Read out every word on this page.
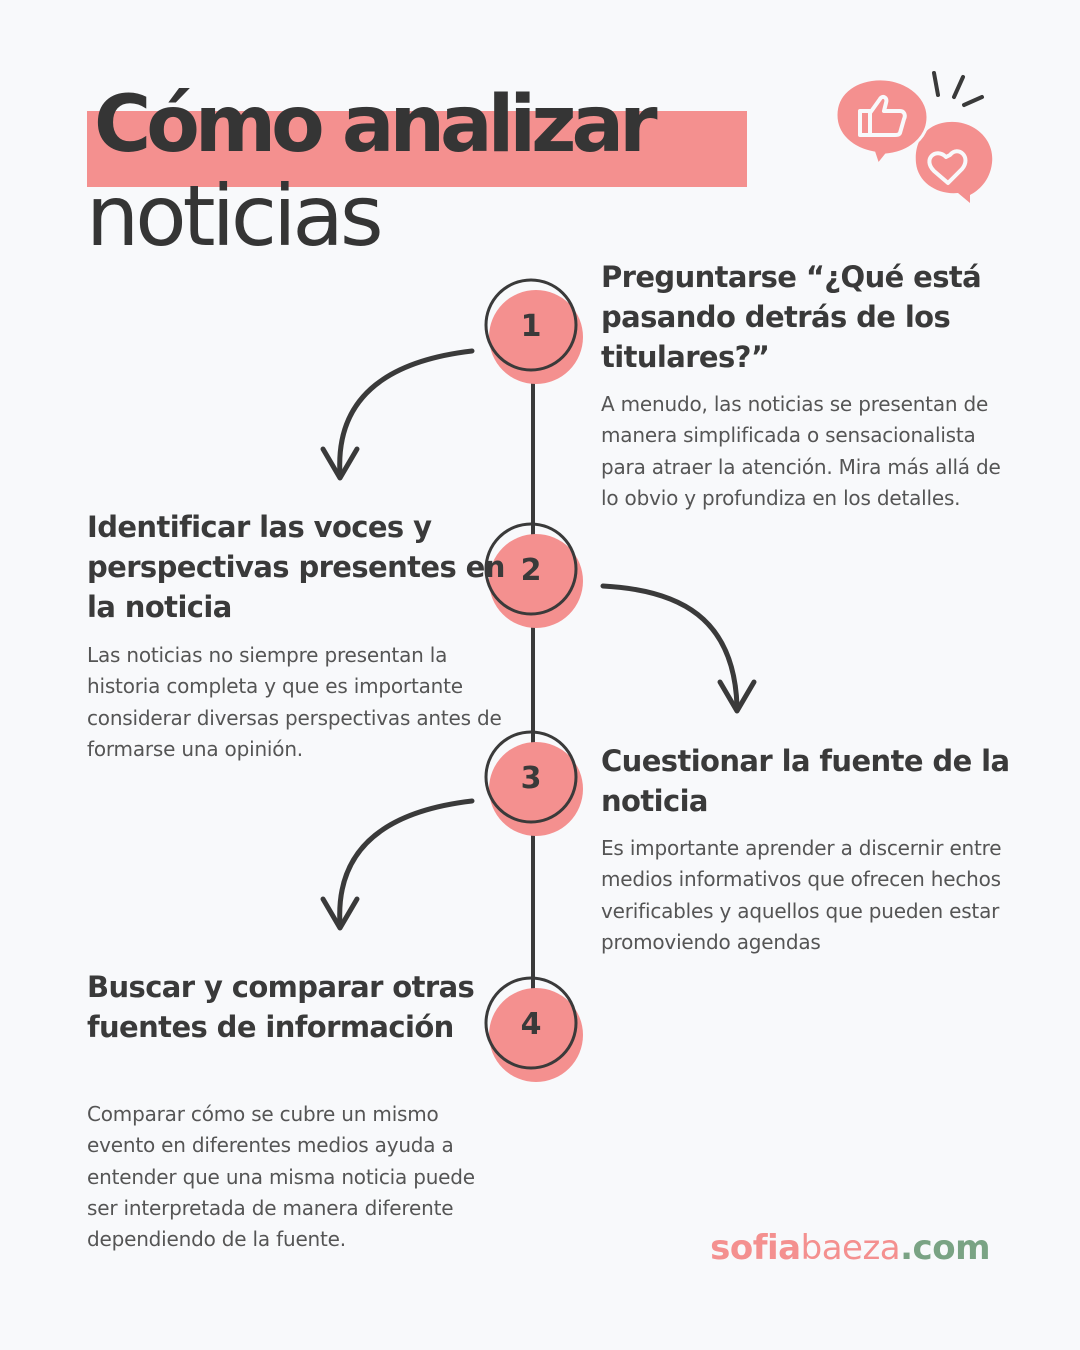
Cómo analizar
noticias
1
2
3
4
Preguntarse “¿Qué está pasando detrás de los titulares?”

A menudo, las noticias se presentan de manera simplificada o sensacionalista para atraer la atención. Mira más allá de lo obvio y profundiza en los detalles.

Identificar las voces y perspectivas presentes en la noticia

Las noticias no siempre presentan la historia completa y que es importante considerar diversas perspectivas antes de formarse una opinión.	Cuestionar la fuente de la noticia

Es importante aprender a discernir entre medios informativos que ofrecen hechos verificables y aquellos que pueden estar promoviendo agendas

Buscar y comparar otras fuentes de información

Comparar cómo se cubre un mismo evento en diferentes medios ayuda a entender que una misma noticia puede ser interpretada de manera diferente dependiendo de la fuente.	sofiabaeza.com
